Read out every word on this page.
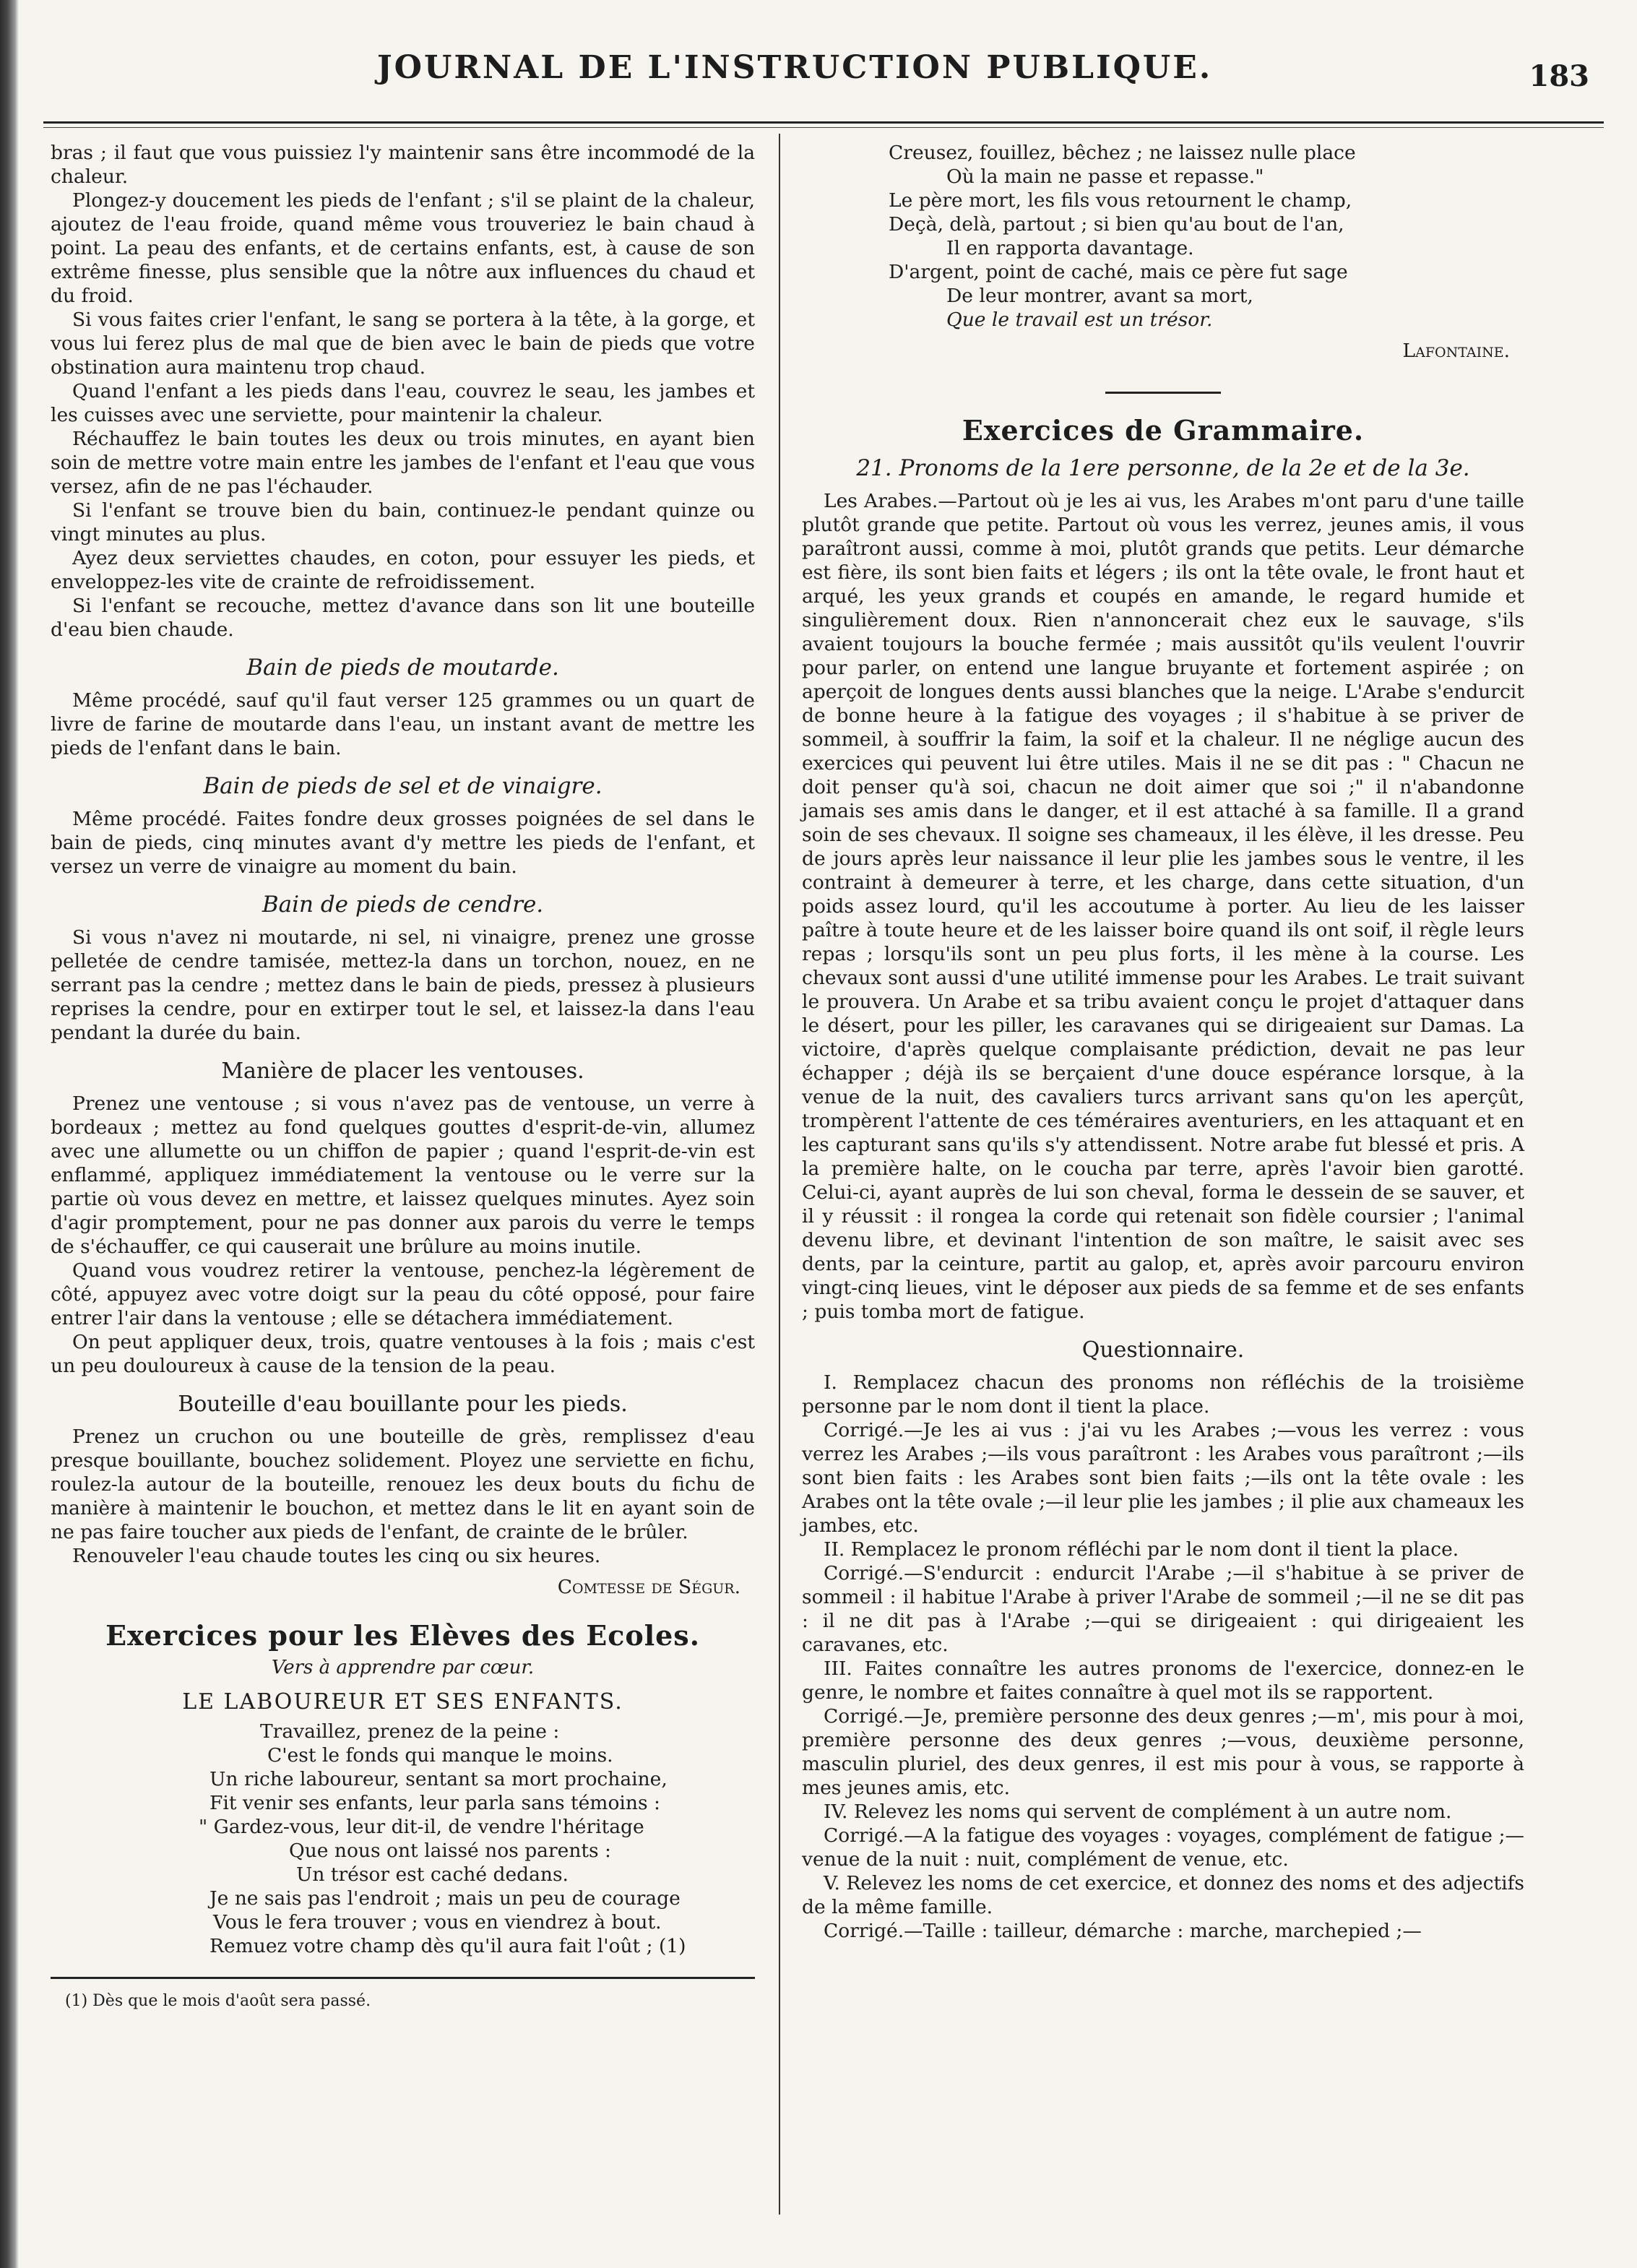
JOURNAL DE L'INSTRUCTION PUBLIQUE.	183

bras ; il faut que vous puissiez l'y maintenir sans être incommodé de la chaleur.

Plongez-y doucement les pieds de l'enfant ; s'il se plaint de la chaleur, ajoutez de l'eau froide, quand même vous trouveriez le bain chaud à point. La peau des enfants, et de certains enfants, est, à cause de son extrême finesse, plus sensible que la nôtre aux influences du chaud et du froid.

Si vous faites crier l'enfant, le sang se portera à la tête, à la gorge, et vous lui ferez plus de mal que de bien avec le bain de pieds que votre obstination aura maintenu trop chaud.

Quand l'enfant a les pieds dans l'eau, couvrez le seau, les jambes et les cuisses avec une serviette, pour maintenir la chaleur.

Réchauffez le bain toutes les deux ou trois minutes, en ayant bien soin de mettre votre main entre les jambes de l'enfant et l'eau que vous versez, afin de ne pas l'échauder.

Si l'enfant se trouve bien du bain, continuez-le pendant quinze ou vingt minutes au plus.

Ayez deux serviettes chaudes, en coton, pour essuyer les pieds, et enveloppez-les vite de crainte de refroidissement.

Si l'enfant se recouche, mettez d'avance dans son lit une bouteille d'eau bien chaude.

Bain de pieds de moutarde.

Même procédé, sauf qu'il faut verser 125 grammes ou un quart de livre de farine de moutarde dans l'eau, un instant avant de mettre les pieds de l'enfant dans le bain.

Bain de pieds de sel et de vinaigre.

Même procédé. Faites fondre deux grosses poignées de sel dans le bain de pieds, cinq minutes avant d'y mettre les pieds de l'enfant, et versez un verre de vinaigre au moment du bain.

Bain de pieds de cendre.

Si vous n'avez ni moutarde, ni sel, ni vinaigre, prenez une grosse pelletée de cendre tamisée, mettez-la dans un torchon, nouez, en ne serrant pas la cendre ; mettez dans le bain de pieds, pressez à plusieurs reprises la cendre, pour en extirper tout le sel, et laissez-la dans l'eau pendant la durée du bain.

Manière de placer les ventouses.

Prenez une ventouse ; si vous n'avez pas de ventouse, un verre à bordeaux ; mettez au fond quelques gouttes d'esprit-de-vin, allumez avec une allumette ou un chiffon de papier ; quand l'esprit-de-vin est enflammé, appliquez immédiatement la ventouse ou le verre sur la partie où vous devez en mettre, et laissez quelques minutes. Ayez soin d'agir promptement, pour ne pas donner aux parois du verre le temps de s'échauffer, ce qui causerait une brûlure au moins inutile.

Quand vous voudrez retirer la ventouse, penchez-la légèrement de côté, appuyez avec votre doigt sur la peau du côté opposé, pour faire entrer l'air dans la ventouse ; elle se détachera immédiatement.

On peut appliquer deux, trois, quatre ventouses à la fois ; mais c'est un peu douloureux à cause de la tension de la peau.

Bouteille d'eau bouillante pour les pieds.

Prenez un cruchon ou une bouteille de grès, remplissez d'eau presque bouillante, bouchez solidement. Ployez une serviette en fichu, roulez-la autour de la bouteille, renouez les deux bouts du fichu de manière à maintenir le bouchon, et mettez dans le lit en ayant soin de ne pas faire toucher aux pieds de l'enfant, de crainte de le brûler.

Renouveler l'eau chaude toutes les cinq ou six heures.

Comtesse de Ségur.

Exercices pour les Elèves des Ecoles.

Vers à apprendre par cœur.

LE LABOUREUR ET SES ENFANTS.

Travaillez, prenez de la peine :
C'est le fonds qui manque le moins.
Un riche laboureur, sentant sa mort prochaine,
Fit venir ses enfants, leur parla sans témoins :
" Gardez-vous, leur dit-il, de vendre l'héritage
Que nous ont laissé nos parents :
Un trésor est caché dedans.
Je ne sais pas l'endroit ; mais un peu de courage
Vous le fera trouver ; vous en viendrez à bout.
Remuez votre champ dès qu'il aura fait l'oût ; (1)

(1) Dès que le mois d'août sera passé.

Creusez, fouillez, bêchez ; ne laissez nulle place
Où la main ne passe et repasse."
Le père mort, les fils vous retournent le champ,
Deçà, delà, partout ; si bien qu'au bout de l'an,
Il en rapporta davantage.
D'argent, point de caché, mais ce père fut sage
De leur montrer, avant sa mort,
Que le travail est un trésor.

Lafontaine.

Exercices de Grammaire.

21. Pronoms de la 1ere personne, de la 2e et de la 3e.

Les Arabes.—Partout où je les ai vus, les Arabes m'ont paru d'une taille plutôt grande que petite. Partout où vous les verrez, jeunes amis, il vous paraîtront aussi, comme à moi, plutôt grands que petits. Leur démarche est fière, ils sont bien faits et légers ; ils ont la tête ovale, le front haut et arqué, les yeux grands et coupés en amande, le regard humide et singulièrement doux. Rien n'annoncerait chez eux le sauvage, s'ils avaient toujours la bouche fermée ; mais aussitôt qu'ils veulent l'ouvrir pour parler, on entend une langue bruyante et fortement aspirée ; on aperçoit de longues dents aussi blanches que la neige. L'Arabe s'endurcit de bonne heure à la fatigue des voyages ; il s'habitue à se priver de sommeil, à souffrir la faim, la soif et la chaleur. Il ne néglige aucun des exercices qui peuvent lui être utiles. Mais il ne se dit pas : " Chacun ne doit penser qu'à soi, chacun ne doit aimer que soi ;" il n'abandonne jamais ses amis dans le danger, et il est attaché à sa famille. Il a grand soin de ses chevaux. Il soigne ses chameaux, il les élève, il les dresse. Peu de jours après leur naissance il leur plie les jambes sous le ventre, il les contraint à demeurer à terre, et les charge, dans cette situation, d'un poids assez lourd, qu'il les accoutume à porter. Au lieu de les laisser paître à toute heure et de les laisser boire quand ils ont soif, il règle leurs repas ; lorsqu'ils sont un peu plus forts, il les mène à la course. Les chevaux sont aussi d'une utilité immense pour les Arabes. Le trait suivant le prouvera. Un Arabe et sa tribu avaient conçu le projet d'attaquer dans le désert, pour les piller, les caravanes qui se dirigeaient sur Damas. La victoire, d'après quelque complaisante prédiction, devait ne pas leur échapper ; déjà ils se berçaient d'une douce espérance lorsque, à la venue de la nuit, des cavaliers turcs arrivant sans qu'on les aperçût, trompèrent l'attente de ces téméraires aventuriers, en les attaquant et en les capturant sans qu'ils s'y attendissent. Notre arabe fut blessé et pris. A la première halte, on le coucha par terre, après l'avoir bien garotté. Celui-ci, ayant auprès de lui son cheval, forma le dessein de se sauver, et il y réussit : il rongea la corde qui retenait son fidèle coursier ; l'animal devenu libre, et devinant l'intention de son maître, le saisit avec ses dents, par la ceinture, partit au galop, et, après avoir parcouru environ vingt-cinq lieues, vint le déposer aux pieds de sa femme et de ses enfants ; puis tomba mort de fatigue.

Questionnaire.

I. Remplacez chacun des pronoms non réfléchis de la troisième personne par le nom dont il tient la place.

Corrigé.—Je les ai vus : j'ai vu les Arabes ;—vous les verrez : vous verrez les Arabes ;—ils vous paraîtront : les Arabes vous paraîtront ;—ils sont bien faits : les Arabes sont bien faits ;—ils ont la tête ovale : les Arabes ont la tête ovale ;—il leur plie les jambes ; il plie aux chameaux les jambes, etc.

II. Remplacez le pronom réfléchi par le nom dont il tient la place.

Corrigé.—S'endurcit : endurcit l'Arabe ;—il s'habitue à se priver de sommeil : il habitue l'Arabe à priver l'Arabe de sommeil ;—il ne se dit pas : il ne dit pas à l'Arabe ;—qui se dirigeaient : qui dirigeaient les caravanes, etc.

III. Faites connaître les autres pronoms de l'exercice, donnez-en le genre, le nombre et faites connaître à quel mot ils se rapportent.

Corrigé.—Je, première personne des deux genres ;—m', mis pour à moi, première personne des deux genres ;—vous, deuxième personne, masculin pluriel, des deux genres, il est mis pour à vous, se rapporte à mes jeunes amis, etc.

IV. Relevez les noms qui servent de complément à un autre nom.

Corrigé.—A la fatigue des voyages : voyages, complément de fatigue ;—venue de la nuit : nuit, complément de venue, etc.

V. Relevez les noms de cet exercice, et donnez des noms et des adjectifs de la même famille.

Corrigé.—Taille : tailleur, démarche : marche, marchepied ;—
